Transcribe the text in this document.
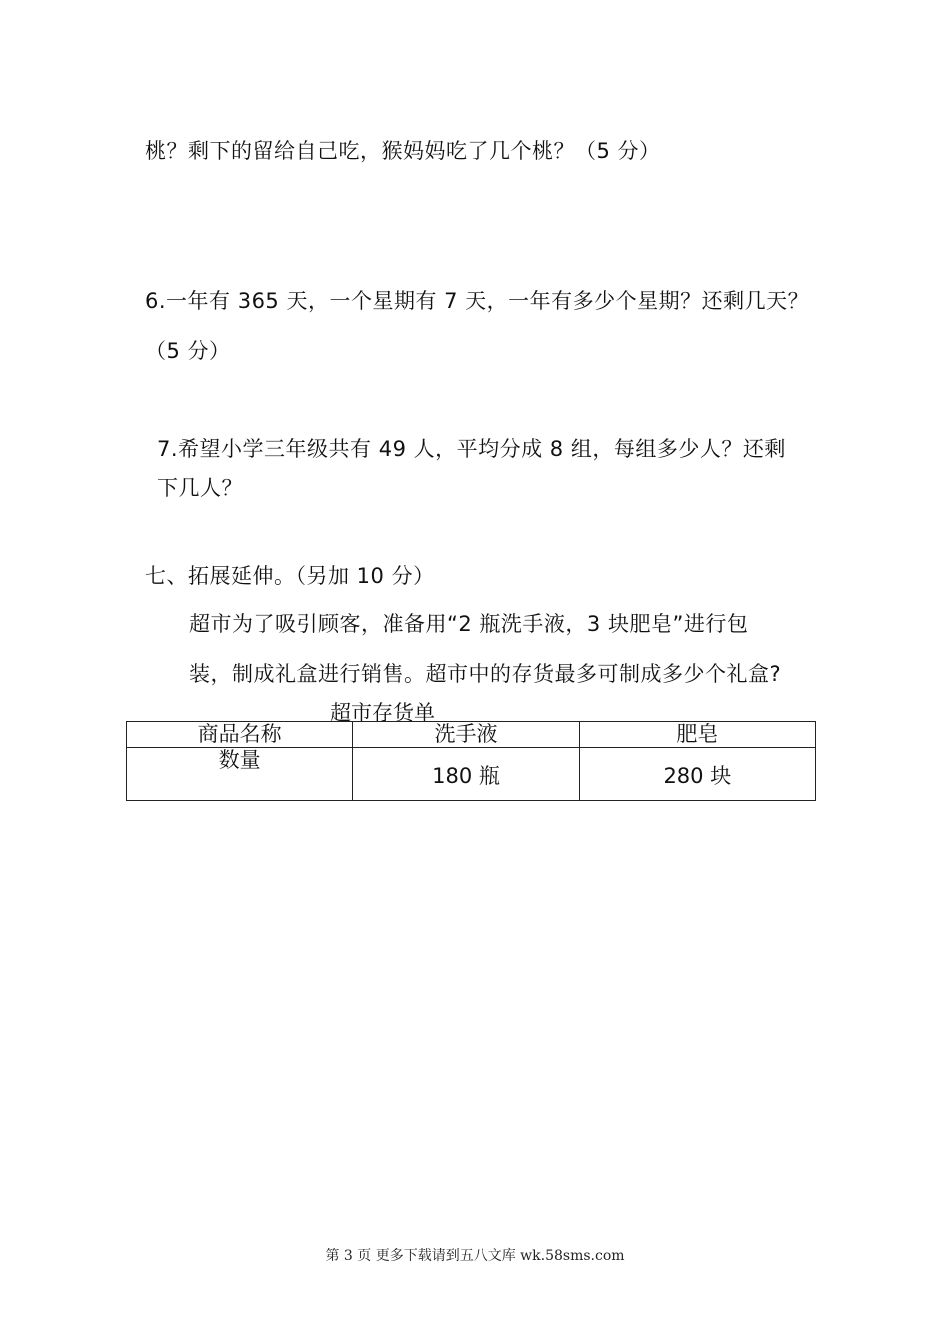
桃？剩下的留给自己吃，猴妈妈吃了几个桃？（5 分）
6.一年有 365 天，一个星期有 7 天，一年有多少个星期？还剩几天？
（5 分）
7.希望小学三年级共有 49 人，平均分成 8 组，每组多少人？还剩
下几人？
七、拓展延伸。（另加 10 分）
超市为了吸引顾客，准备用“2 瓶洗手液，3 块肥皂”进行包
装，制成礼盒进行销售。超市中的存货最多可制成多少个礼盒?
超市存货单
商品名称	洗手液	肥皂
数量	180 瓶	280 块
第 3 页 更多下载请到五八文库 wk.58sms.com
